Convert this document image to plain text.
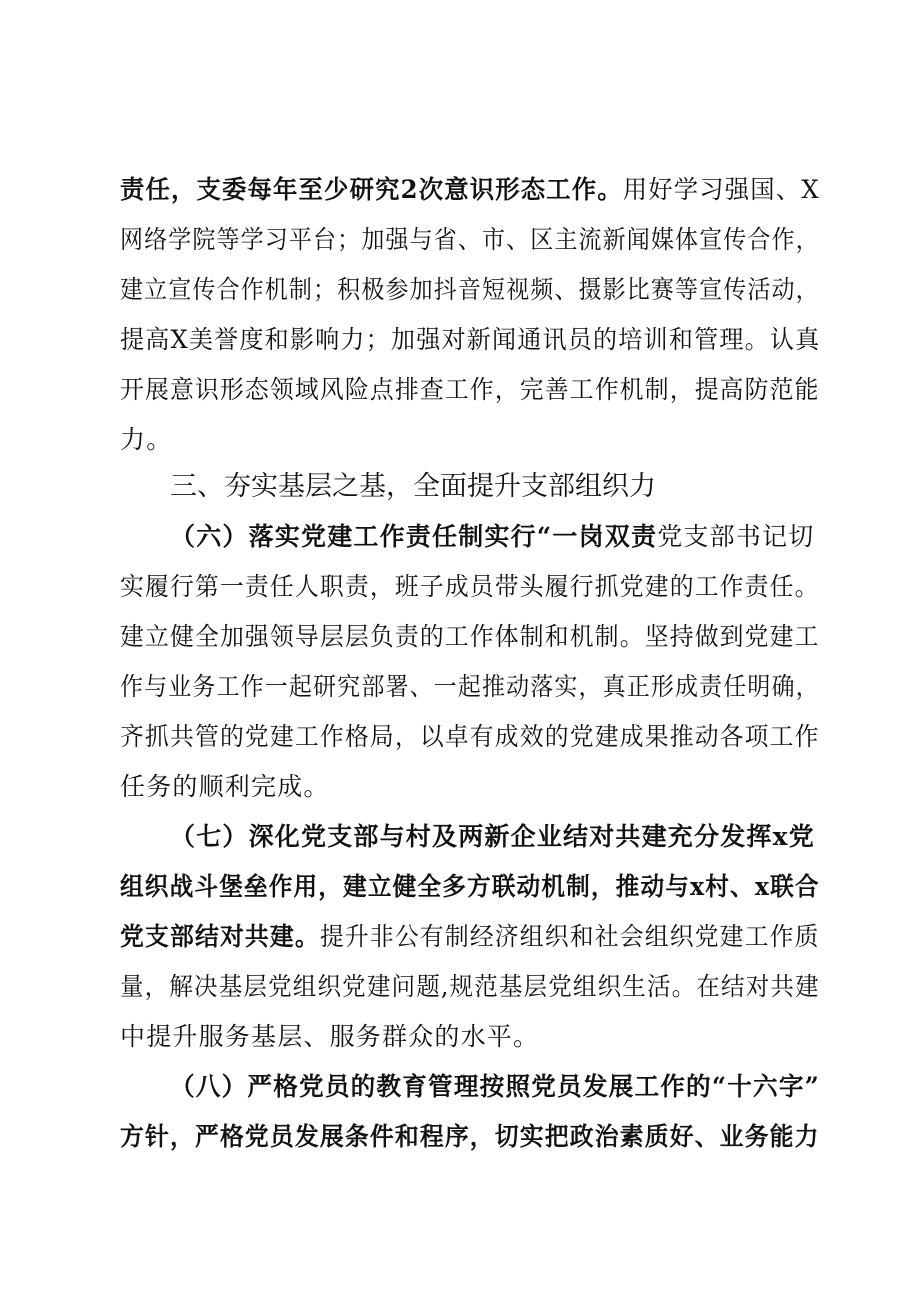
责任，支委每年至少研究2次意识形态工作。用好学习强国、X
网络学院等学习平台；加强与省、市、区主流新闻媒体宣传合作，
建立宣传合作机制；积极参加抖音短视频、摄影比赛等宣传活动，
提高X美誉度和影响力；加强对新闻通讯员的培训和管理。认真
开展意识形态领域风险点排查工作，完善工作机制，提高防范能
力。
三、夯实基层之基，全面提升支部组织力
（六）落实党建工作责任制实行“一岗双责党支部书记切
实履行第一责任人职责，班子成员带头履行抓党建的工作责任。
建立健全加强领导层层负责的工作体制和机制。坚持做到党建工
作与业务工作一起研究部署、一起推动落实，真正形成责任明确，
齐抓共管的党建工作格局，以卓有成效的党建成果推动各项工作
任务的顺利完成。
（七）深化党支部与村及两新企业结对共建充分发挥x党
组织战斗堡垒作用，建立健全多方联动机制，推动与x村、x联合
党支部结对共建。提升非公有制经济组织和社会组织党建工作质
量，解决基层党组织党建问题,规范基层党组织生活。在结对共建
中提升服务基层、服务群众的水平。
（八）严格党员的教育管理按照党员发展工作的“十六字”
方针，严格党员发展条件和程序，切实把政治素质好、业务能力
